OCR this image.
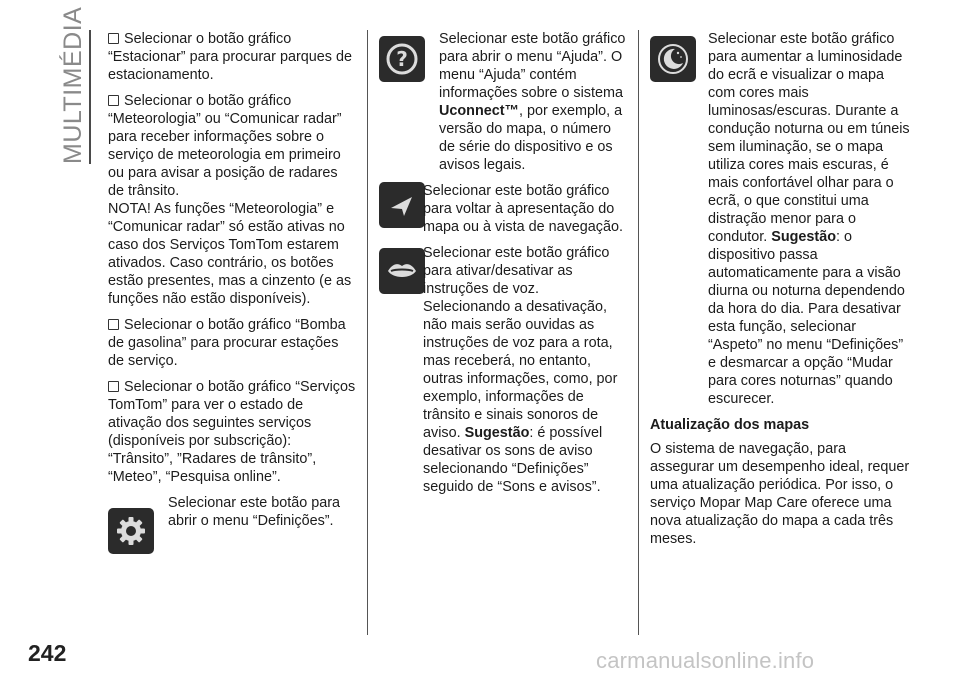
MULTIMÉDIA	Selecionar o botão gráfico “Estacionar” para procurar parques de estacionamento.

Selecionar o botão gráfico “Meteorologia” ou “Comunicar radar” para receber informações sobre o serviço de meteorologia em primeiro ou para avisar a posição de radares de trânsito.

NOTA! As funções “Meteorologia” e “Comunicar radar” só estão ativas no caso dos Serviços TomTom estarem ativados. Caso contrário, os botões estão presentes, mas a cinzento (e as funções não estão disponíveis).

Selecionar o botão gráfico “Bomba de gasolina” para procurar estações de serviço.

Selecionar o botão gráfico “Serviços TomTom” para ver o estado de ativação dos seguintes serviços (disponíveis por subscrição): “Trânsito”, ”Radares de trânsito”, “Meteo”, “Pesquisa online”.

Selecionar este botão para abrir o menu “Definições”.
?
Selecionar este botão gráfico para abrir o menu “Ajuda”. O menu “Ajuda” contém informações sobre o sistema Uconnect™, por exemplo, a versão do mapa, o número de série do dispositivo e os avisos legais.
Selecionar este botão gráfico para voltar à apresentação do mapa ou à vista de navegação.
Selecionar este botão gráfico para ativar/desativar as instruções de voz. Selecionando a desativação, não mais serão ouvidas as instruções de voz para a rota, mas receberá, no entanto, outras informações, como, por exemplo, informações de trânsito e sinais sonoros de aviso. Sugestão: é possível desativar os sons de aviso selecionando “Definições” seguido de “Sons e avisos”.
Selecionar este botão gráfico para aumentar a luminosidade do ecrã e visualizar o mapa com cores mais luminosas/escuras. Durante a condução noturna ou em túneis sem iluminação, se o mapa utiliza cores mais escuras, é mais confortável olhar para o ecrã, o que constitui uma distração menor para o condutor. Sugestão: o dispositivo passa automaticamente para a visão diurna ou noturna dependendo da hora do dia. Para desativar esta função, selecionar “Aspeto” no menu “Definições” e desmarcar a opção “Mudar para cores noturnas” quando escurecer.
Atualização dos mapas

O sistema de navegação, para assegurar um desempenho ideal, requer uma atualização periódica. Por isso, o serviço Mopar Map Care oferece uma nova atualização do mapa a cada três meses.

242	carmanualsonline.info
